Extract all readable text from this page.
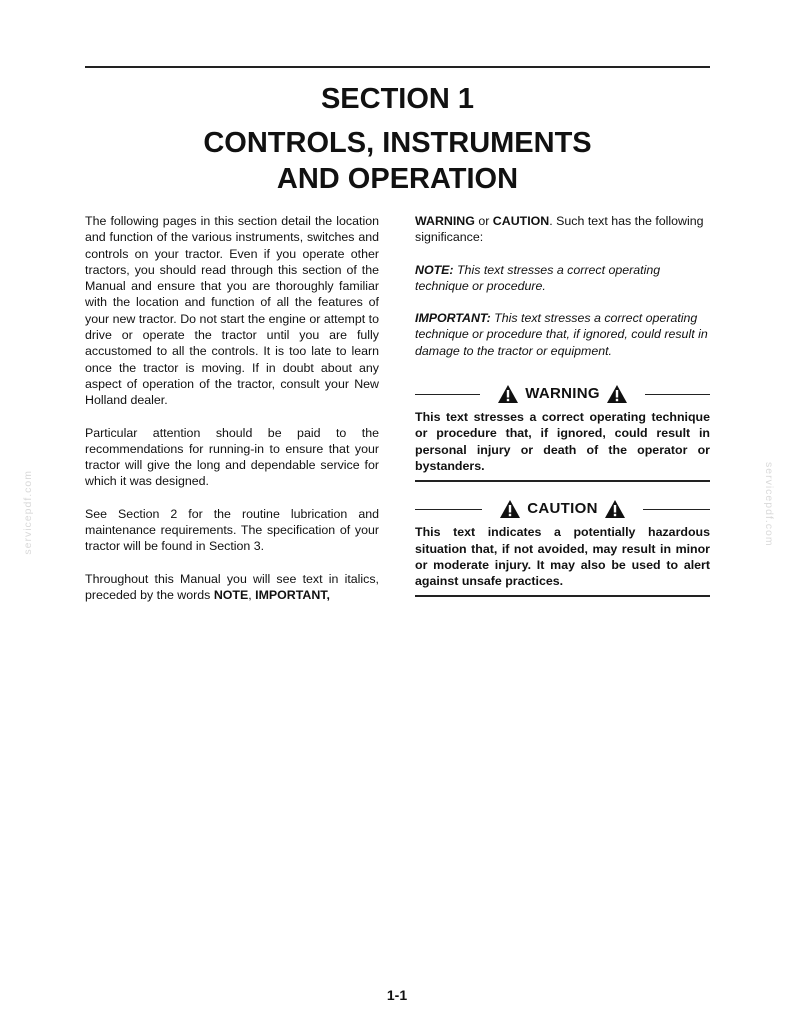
SECTION 1
CONTROLS, INSTRUMENTS
AND OPERATION

The following pages in this section detail the location and function of the various instruments, switches and controls on your tractor. Even if you operate other tractors, you should read through this section of the Manual and ensure that you are thoroughly familiar with the location and function of all the features of your new tractor. Do not start the engine or attempt to drive or operate the tractor until you are fully accustomed to all the controls. It is too late to learn once the tractor is moving. If in doubt about any aspect of operation of the tractor, consult your New Holland dealer.

Particular attention should be paid to the recommendations for running-in to ensure that your tractor will give the long and dependable service for which it was designed.

See Section 2 for the routine lubrication and maintenance requirements. The specification of your tractor will be found in Section 3.

Throughout this Manual you will see text in italics, preceded by the words NOTE, IMPORTANT,

WARNING or CAUTION. Such text has the following significance:

NOTE: This text stresses a correct operating technique or procedure.

IMPORTANT: This text stresses a correct operating technique or procedure that, if ignored, could result in damage to the tractor or equipment.

WARNING
This text stresses a correct operating technique or procedure that, if ignored, could result in personal injury or death of the operator or bystanders.
CAUTION
This text indicates a potentially hazardous situation that, if not avoided, may result in minor or moderate injury. It may also be used to alert against unsafe practices.
servicepdf.com	servicepdf.com
1-1
